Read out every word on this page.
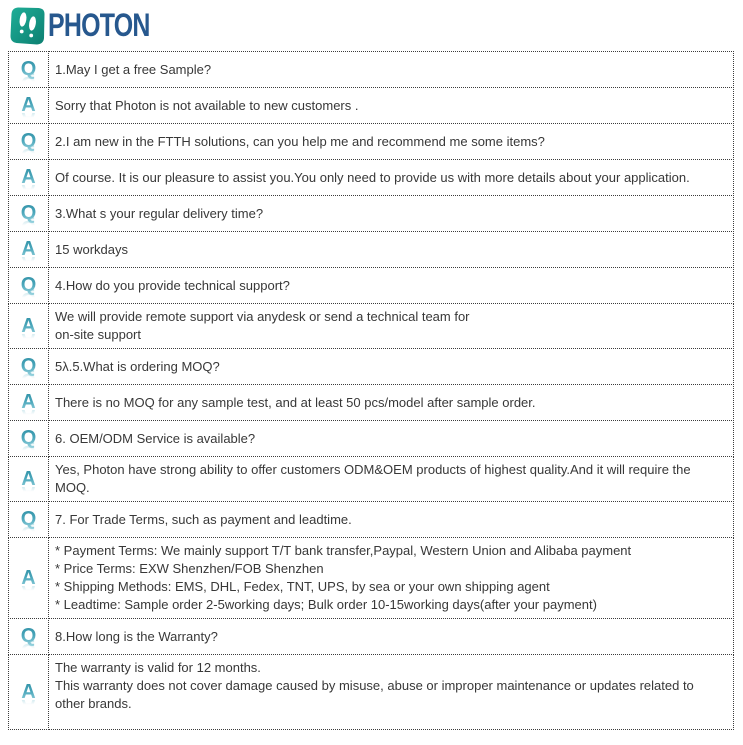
PHOTON
Q 1.May I get a free Sample?
A Sorry that Photon is not available to new customers .
Q 2.I am new in the FTTH solutions, can you help me and recommend me some items?
A Of course. It is our pleasure to assist you.You only need to provide us with more details about your application.
Q 3.What s your regular delivery time?
A 15 workdays
Q 4.How do you provide technical support?
A We will provide remote support via anydesk or send a technical team for
on-site support
Q 5λ.5.What is ordering MOQ?
A There is no MOQ for any sample test, and at least 50 pcs/model after sample order.
Q 6. OEM/ODM Service is available?
A Yes, Photon have strong ability to offer customers ODM&OEM products of highest quality.And it will require the MOQ.
Q 7. For Trade Terms, such as payment and leadtime.
A
* Payment Terms: We mainly support T/T bank transfer,Paypal, Western Union and Alibaba payment
* Price Terms: EXW Shenzhen/FOB Shenzhen
* Shipping Methods: EMS, DHL, Fedex, TNT, UPS, by sea or your own shipping agent
* Leadtime: Sample order 2-5working days; Bulk order 10-15working days(after your payment)
Q 8.How long is the Warranty?
A
The warranty is valid for 12 months.
This warranty does not cover damage caused by misuse, abuse or improper maintenance or updates related to
other brands.
